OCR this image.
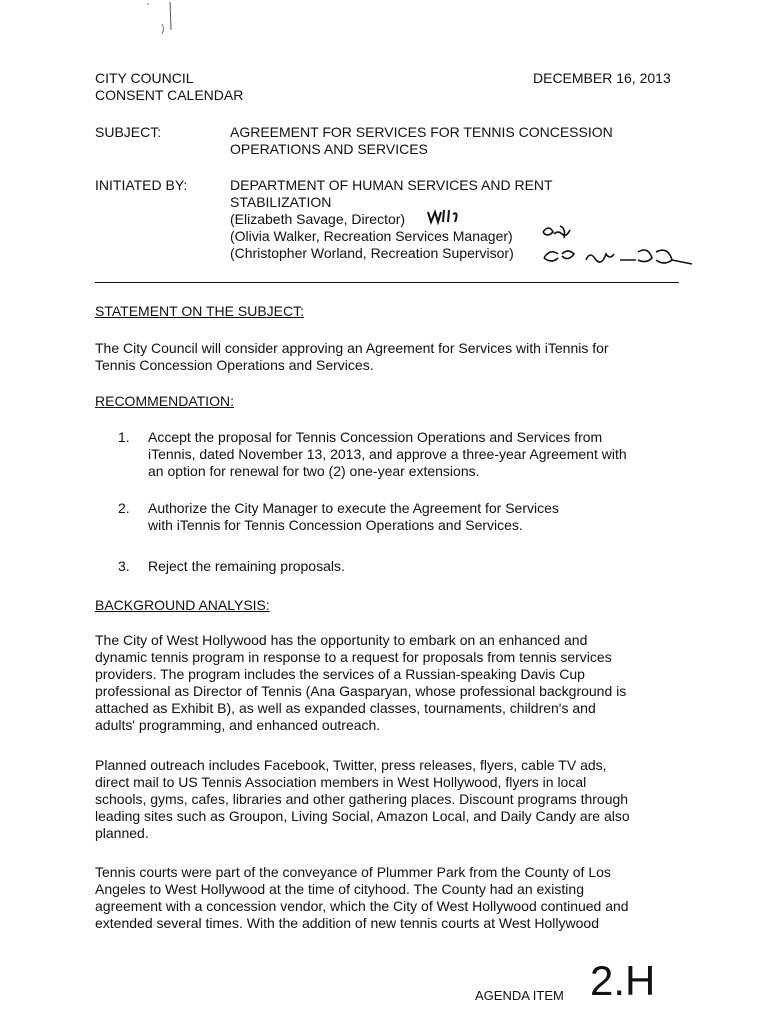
CITY COUNCIL
CONSENT CALENDAR
DECEMBER 16, 2013
SUBJECT:	AGREEMENT FOR SERVICES FOR TENNIS CONCESSION
OPERATIONS AND SERVICES
INITIATED BY:	DEPARTMENT OF HUMAN SERVICES AND RENT
STABILIZATION
(Elizabeth Savage, Director)
(Olivia Walker, Recreation Services Manager)
(Christopher Worland, Recreation Supervisor)
STATEMENT ON THE SUBJECT:
The City Council will consider approving an Agreement for Services with iTennis for
Tennis Concession Operations and Services.
RECOMMENDATION:
1. Accept the proposal for Tennis Concession Operations and Services from
iTennis, dated November 13, 2013, and approve a three-year Agreement with
an option for renewal for two (2) one-year extensions.
2. Authorize the City Manager to execute the Agreement for Services
with iTennis for Tennis Concession Operations and Services.
3. Reject the remaining proposals.
BACKGROUND ANALYSIS:
The City of West Hollywood has the opportunity to embark on an enhanced and
dynamic tennis program in response to a request for proposals from tennis services
providers. The program includes the services of a Russian-speaking Davis Cup
professional as Director of Tennis (Ana Gasparyan, whose professional background is
attached as Exhibit B), as well as expanded classes, tournaments, children's and
adults' programming, and enhanced outreach.
Planned outreach includes Facebook, Twitter, press releases, flyers, cable TV ads,
direct mail to US Tennis Association members in West Hollywood, flyers in local
schools, gyms, cafes, libraries and other gathering places. Discount programs through
leading sites such as Groupon, Living Social, Amazon Local, and Daily Candy are also
planned.
Tennis courts were part of the conveyance of Plummer Park from the County of Los
Angeles to West Hollywood at the time of cityhood. The County had an existing
agreement with a concession vendor, which the City of West Hollywood continued and
extended several times. With the addition of new tennis courts at West Hollywood
AGENDA ITEM 2.H
